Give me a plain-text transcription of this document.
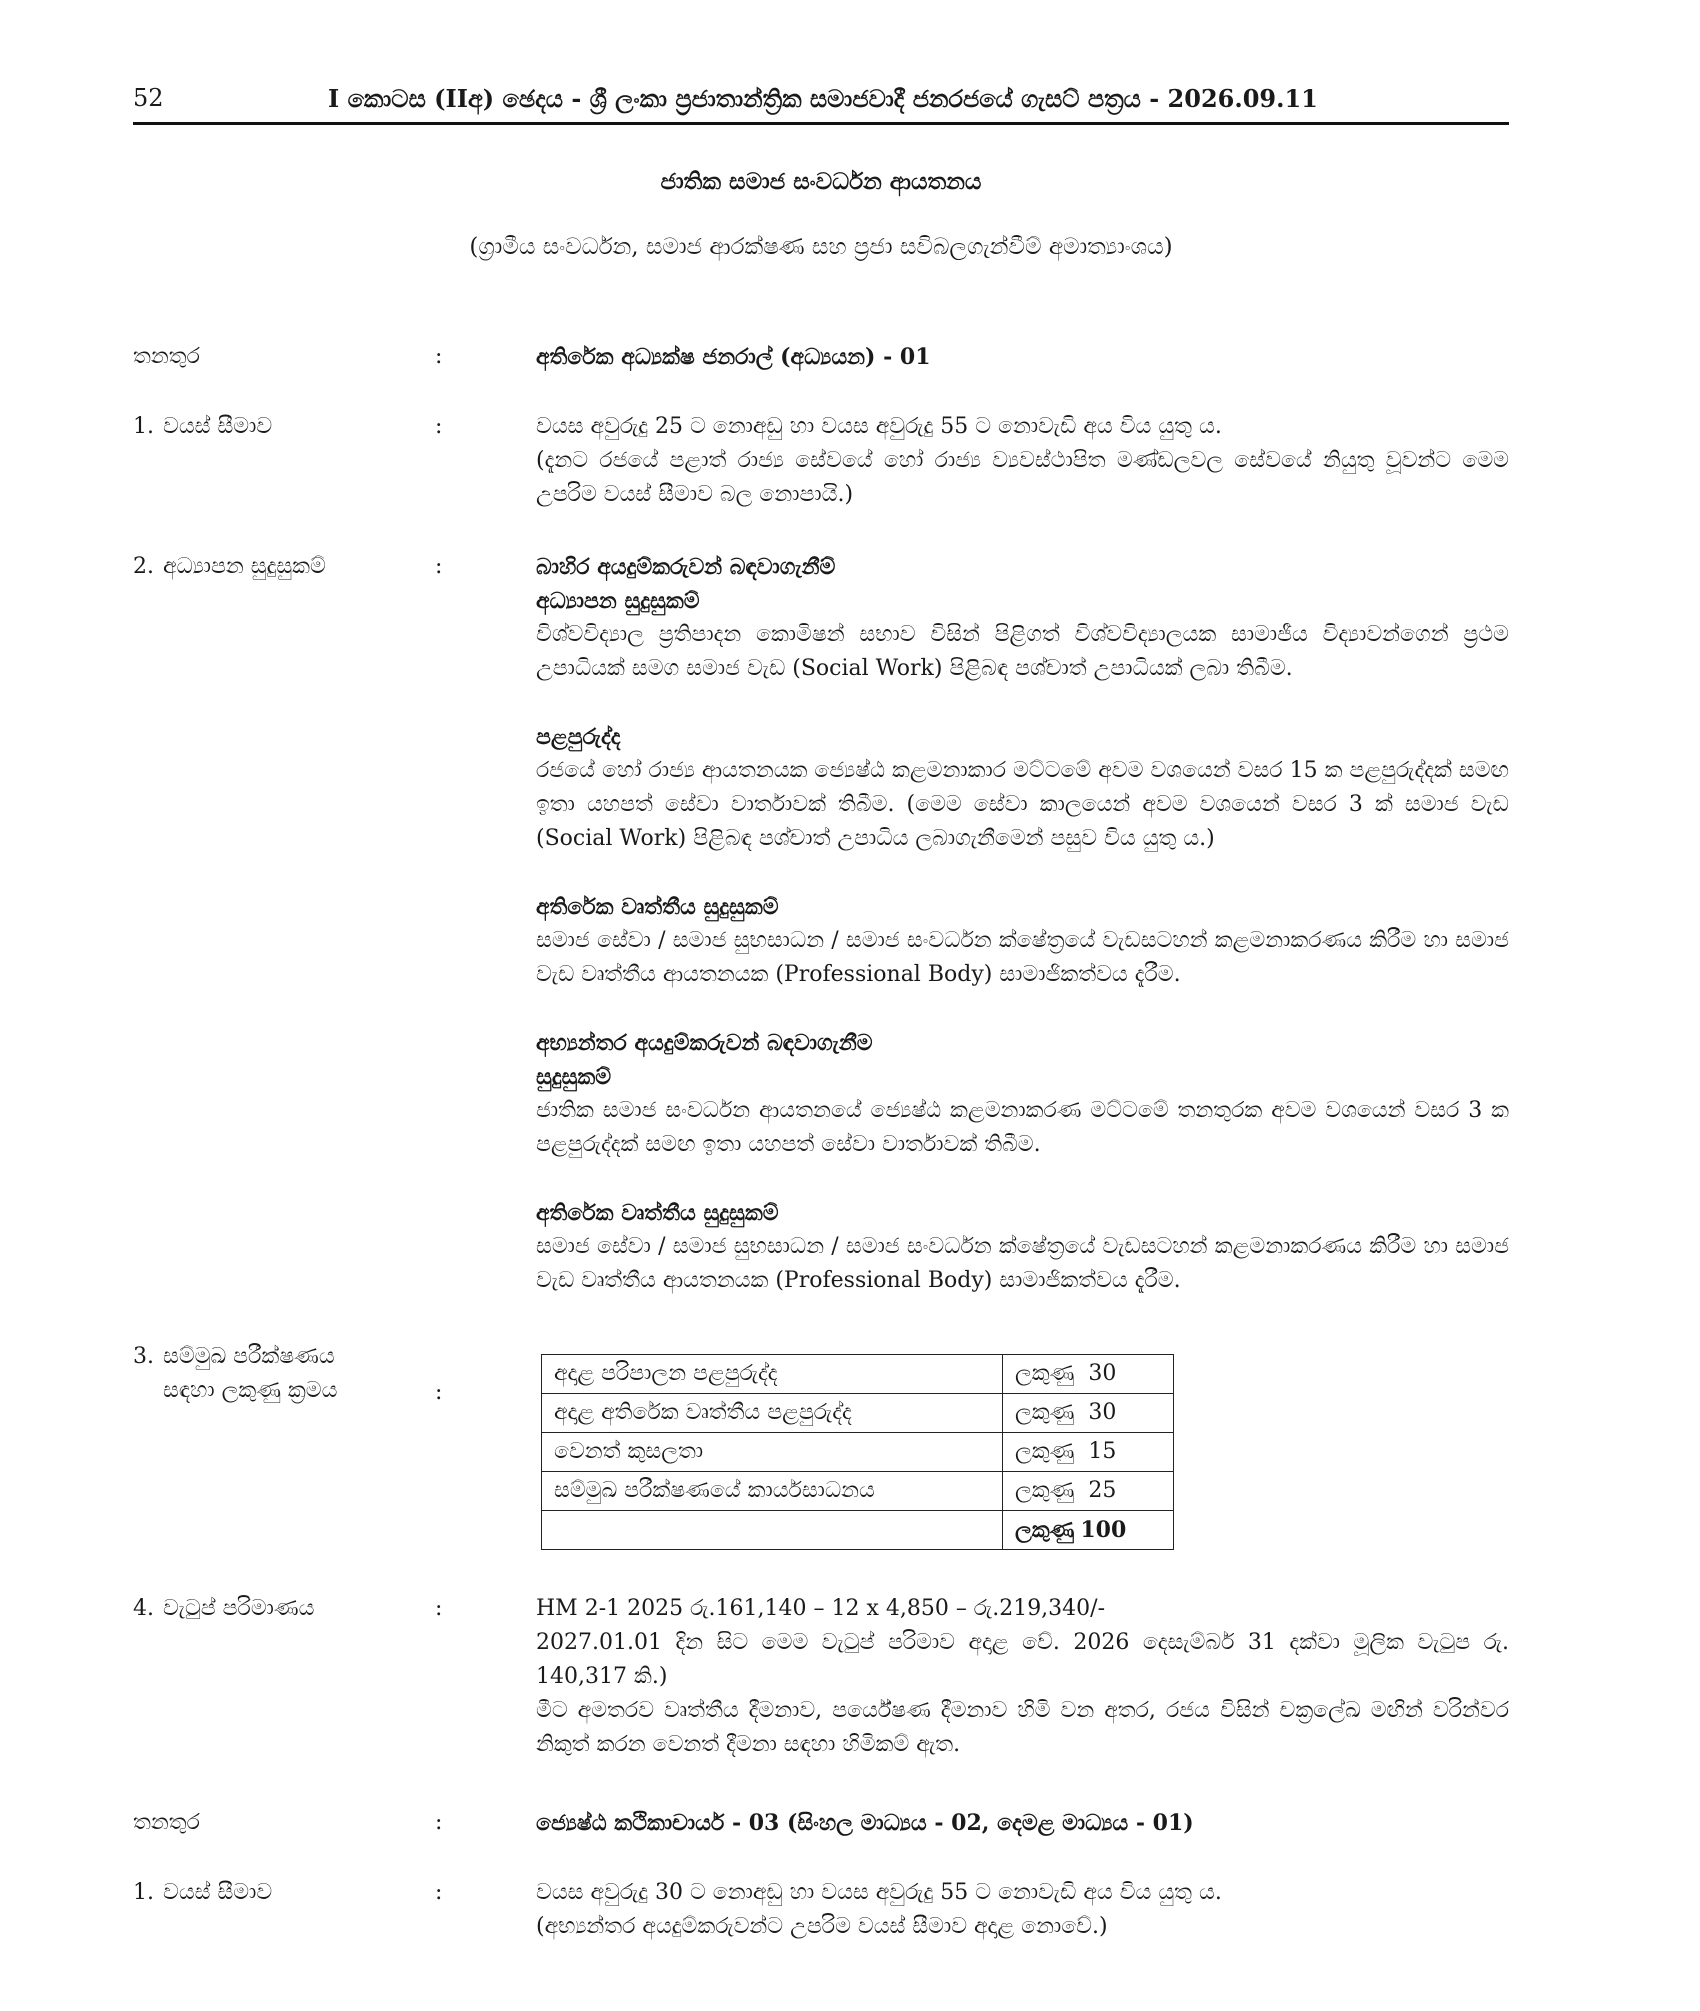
52	I කොටස (IIඅ) ඡෙදය - ශ්‍රී ලංකා ප්‍රජාතාන්ත්‍රික සමාජවාදී ජනරජයේ ගැසට් පත්‍රය - 2026.09.11
ජාතික සමාජ සංවර්ධන ආයතනය
(ග්‍රාමීය සංවර්ධන, සමාජ ආරක්ෂණ සහ ප්‍රජා සවිබලගැන්වීම් අමාත්‍යාංශය)
තනතුර	:	අතිරේක අධ්‍යක්ෂ ජනරාල් (අධ්‍යයන) - 01
1. වයස් සීමාව	:	වයස අවුරුදු 25 ට නොඅඩු හා වයස අවුරුදු 55 ට නොවැඩි අය විය යුතු ය.

(දැනට රජයේ පළාත් රාජ්‍ය සේවයේ හෝ රාජ්‍ය ව්‍යවස්ථාපිත මණ්ඩලවල සේවයේ නියුතු වූවන්ට මෙම උපරිම වයස් සීමාව බල නොපායි.)

2. අධ්‍යාපන සුදුසුකම්	:	බාහිර අයදුම්කරුවන් බඳවාගැනීම්

අධ්‍යාපන සුදුසුකම්

විශ්වවිද්‍යාල ප්‍රතිපාදන කොමිෂන් සභාව විසින් පිළිගත් විශ්වවිද්‍යාලයක සාමාජීය විද්‍යාවන්ගෙන් ප්‍රථම උපාධියක් සමග සමාජ වැඩ (Social Work) පිළිබඳ පශ්චාත් උපාධියක් ලබා තිබීම.

පළපුරුද්ද

රජයේ හෝ රාජ්‍ය ආයතනයක ජ්‍යෙෂ්ඨ කළමනාකාර මට්ටමේ අවම වශයෙන් වසර 15 ක පළපුරුද්දක් සමඟ ඉතා යහපත් සේවා වාර්තාවක් තිබීම. (මෙම සේවා කාලයෙන් අවම වශයෙන් වසර 3 ක් සමාජ වැඩ (Social Work) පිළිබඳ පශ්චාත් උපාධිය ලබාගැනීමෙන් පසුව විය යුතු ය.)

අතිරේක වෘත්තීය සුදුසුකම්

සමාජ සේවා / සමාජ සුභසාධන / සමාජ සංවර්ධන ක්ෂේත්‍රයේ වැඩසටහන් කළමනාකරණය කිරීම හා සමාජ වැඩ වෘත්තීය ආයතනයක (Professional Body) සාමාජිකත්වය දැරීම.

අභ්‍යන්තර අයදුම්කරුවන් බඳවාගැනීම

සුදුසුකම්

ජාතික සමාජ සංවර්ධන ආයතනයේ ජ්‍යෙෂ්ඨ කළමනාකරණ මට්ටමේ තනතුරක අවම වශයෙන් වසර 3 ක පළපුරුද්දක් සමඟ ඉතා යහපත් සේවා වාර්තාවක් තිබීම.

අතිරේක වෘත්තීය සුදුසුකම්

සමාජ සේවා / සමාජ සුභසාධන / සමාජ සංවර්ධන ක්ෂේත්‍රයේ වැඩසටහන් කළමනාකරණය කිරීම හා සමාජ වැඩ වෘත්තීය ආයතනයක (Professional Body) සාමාජිකත්වය දැරීම.

3. සම්මුඛ පරීක්ෂණය
සඳහා ලකුණු ක්‍රමය	:
අදාළ පරිපාලන පළපුරුද්ද	ලකුණු 30
අදාළ අතිරේක වෘත්තීය පළපුරුද්ද	ලකුණු 30
වෙනත් කුසලතා	ලකුණු 15
සම්මුඛ පරීක්ෂණයේ කාර්යසාධනය	ලකුණු 25
	ලකුණු 100
4. වැටුප් පරිමාණය	:	HM 2-1 2025 රු.161,140 – 12 x 4,850 – රු.219,340/-

2027.01.01 දින සිට මෙම වැටුප් පරිමාව අදාළ වේ. 2026 දෙසැම්බර් 31 දක්වා මූලික වැටුප රු. 140,317 කි.)

මීට අමතරව වෘත්තීය දීමනාව, පර්යේෂණ දීමනාව හිමි වන අතර, රජය විසින් චක්‍රලේඛ මඟින් වරින්වර නිකුත් කරන වෙනත් දීමනා සඳහා හිමිකම් ඇත.

තනතුර	:	ජ්‍යෙෂ්ඨ කථිකාචාර්ය - 03 (සිංහල මාධ්‍යය - 02, දෙමළ මාධ්‍යය - 01)
1. වයස් සීමාව	:	වයස අවුරුදු 30 ට නොඅඩු හා වයස අවුරුදු 55 ට නොවැඩි අය විය යුතු ය.

(අභ්‍යන්තර අයදුම්කරුවන්ට උපරිම වයස් සීමාව අදාළ නොවේ.)
